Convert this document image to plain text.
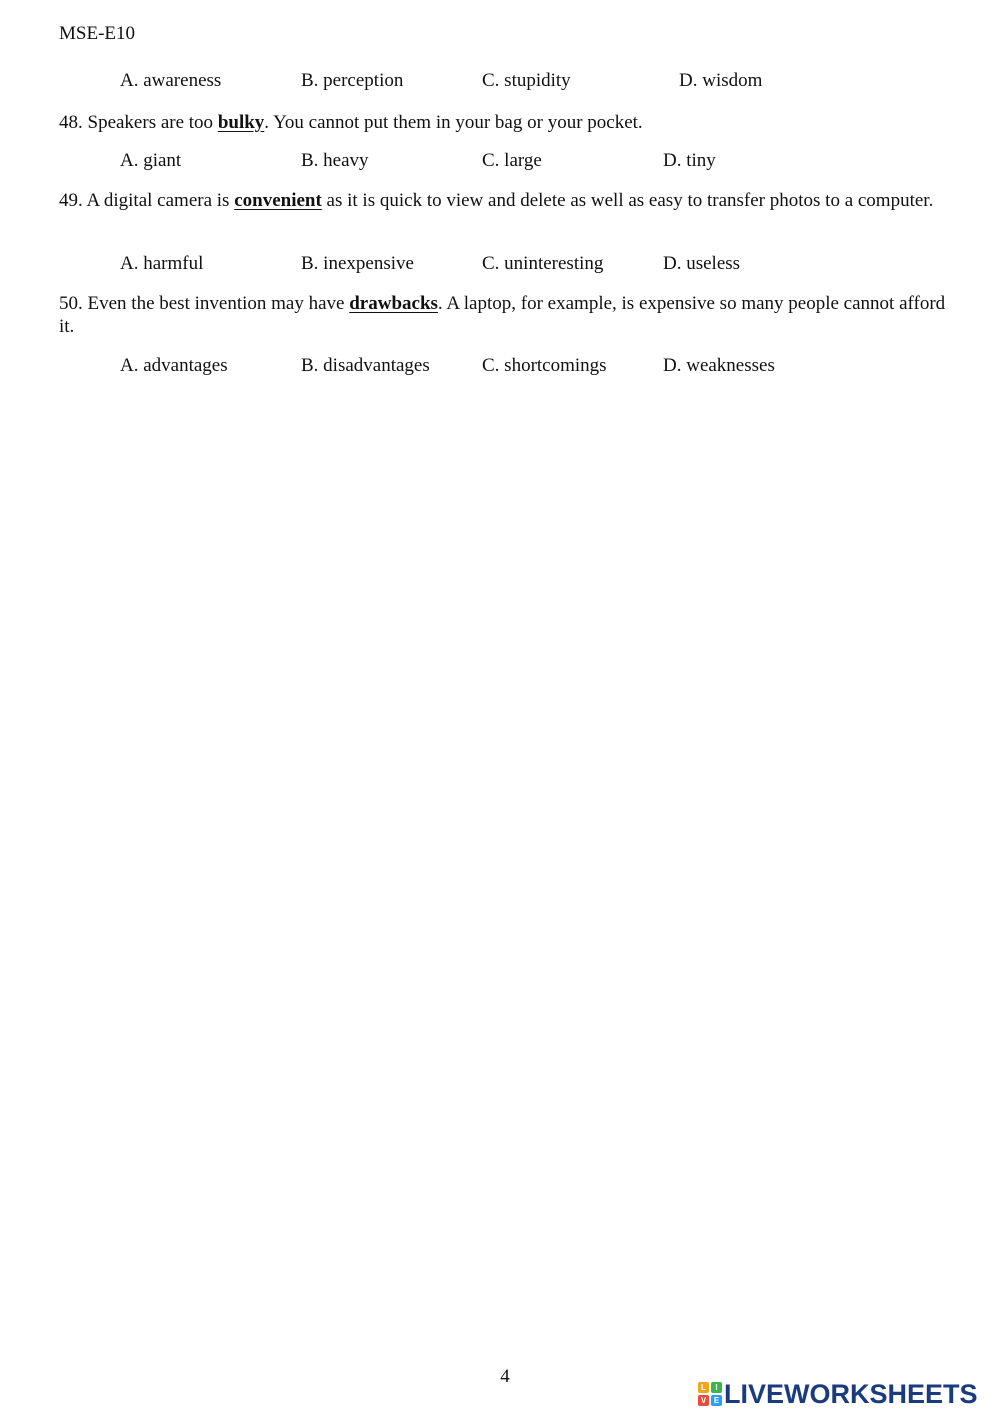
MSE-E10
A. awareness	B. perception	C. stupidity	D. wisdom
48. Speakers are too bulky. You cannot put them in your bag or your pocket.
A. giant	B. heavy	C. large	D. tiny
49. A digital camera is convenient as it is quick to view and delete as well as easy to transfer photos to a computer.
A. harmful	B. inexpensive	C. uninteresting	D. useless
50. Even the best invention may have drawbacks. A laptop, for example, is expensive so many people cannot afford it.
A. advantages	B. disadvantages	C. shortcomings	D. weaknesses
4
L	I
V E LIVEWORKSHEETS
